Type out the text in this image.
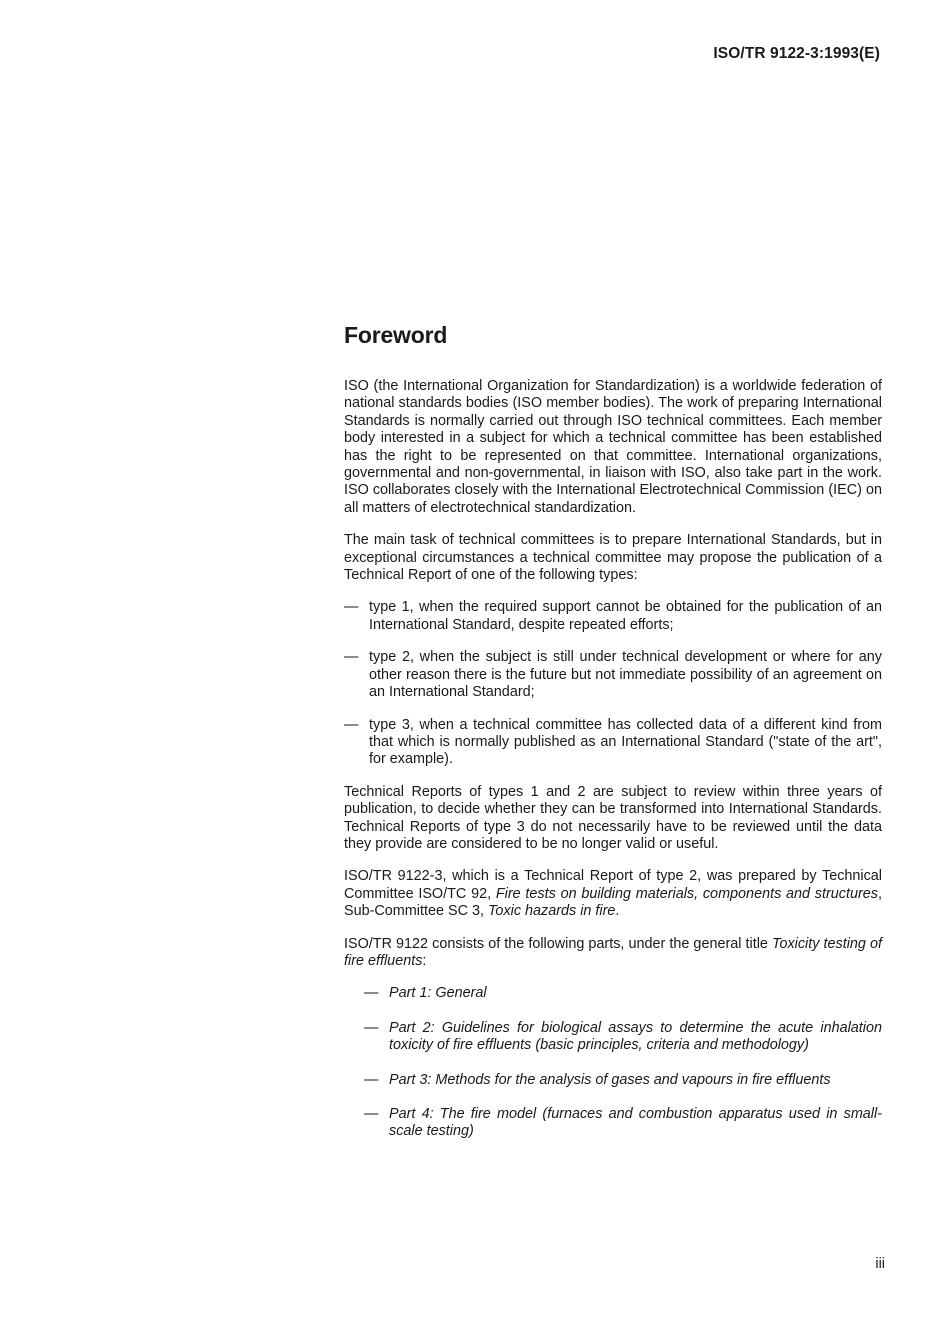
ISO/TR 9122-3:1993(E)
Foreword

ISO (the International Organization for Standardization) is a worldwide federation of national standards bodies (ISO member bodies). The work of preparing International Standards is normally carried out through ISO technical committees. Each member body interested in a subject for which a technical committee has been established has the right to be represented on that committee. International organizations, governmental and non-governmental, in liaison with ISO, also take part in the work. ISO collaborates closely with the International Electrotechnical Commission (IEC) on all matters of electrotechnical standardization.

The main task of technical committees is to prepare International Standards, but in exceptional circumstances a technical committee may propose the publication of a Technical Report of one of the following types:

— type 1, when the required support cannot be obtained for the publication of an International Standard, despite repeated efforts;
— type 2, when the subject is still under technical development or where for any other reason there is the future but not immediate possibility of an agreement on an International Standard;
— type 3, when a technical committee has collected data of a different kind from that which is normally published as an International Standard ("state of the art", for example).

Technical Reports of types 1 and 2 are subject to review within three years of publication, to decide whether they can be transformed into International Standards. Technical Reports of type 3 do not necessarily have to be reviewed until the data they provide are considered to be no longer valid or useful.

ISO/TR 9122-3, which is a Technical Report of type 2, was prepared by Technical Committee ISO/TC 92, Fire tests on building materials, components and structures, Sub-Committee SC 3, Toxic hazards in fire.

ISO/TR 9122 consists of the following parts, under the general title Toxicity testing of fire effluents:

— Part 1: General
— Part 2: Guidelines for biological assays to determine the acute inhalation toxicity of fire effluents (basic principles, criteria and methodology)
— Part 3: Methods for the analysis of gases and vapours in fire effluents
— Part 4: The fire model (furnaces and combustion apparatus used in small-scale testing)
iii
